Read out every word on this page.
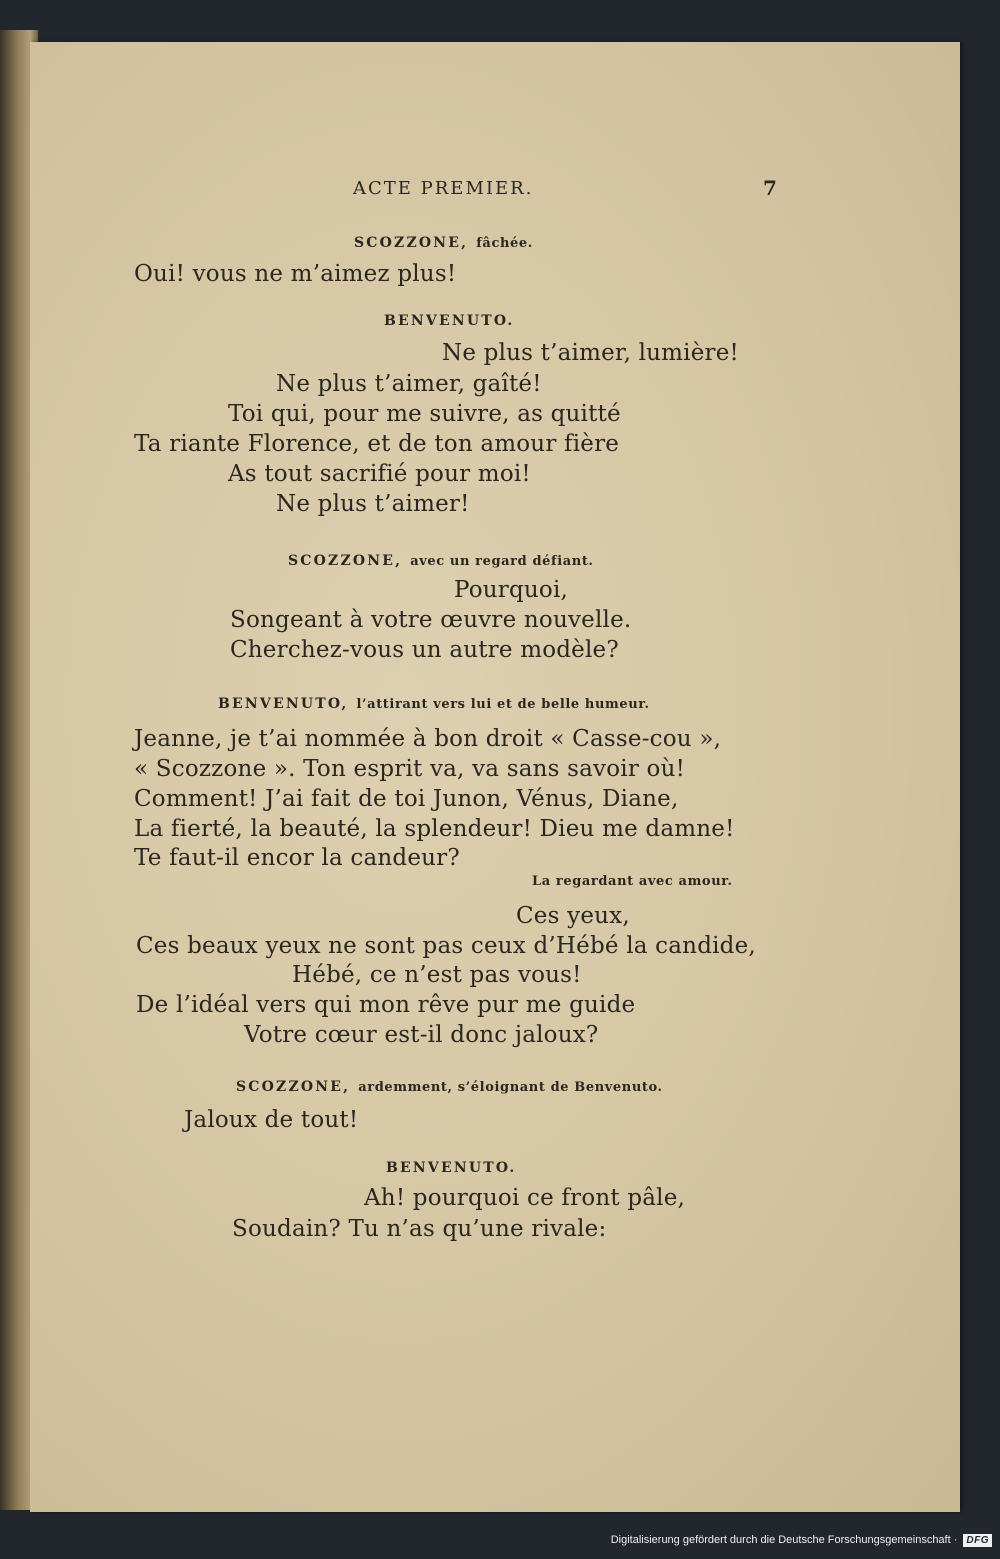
ACTE PREMIER.	7
SCOZZONE, fâchée.
Oui! vous ne m’aimez plus!
BENVENUTO.
Ne plus t’aimer, lumière!
Ne plus t’aimer, gaîté!
Toi qui, pour me suivre, as quitté
Ta riante Florence, et de ton amour fière
As tout sacrifié pour moi!
Ne plus t’aimer!
SCOZZONE, avec un regard défiant.
Pourquoi,
Songeant à votre œuvre nouvelle.
Cherchez-vous un autre modèle?
BENVENUTO, l’attirant vers lui et de belle humeur.
Jeanne, je t’ai nommée à bon droit « Casse-cou »,
« Scozzone ». Ton esprit va, va sans savoir où!
Comment! J’ai fait de toi Junon, Vénus, Diane,
La fierté, la beauté, la splendeur! Dieu me damne!
Te faut-il encor la candeur?
La regardant avec amour.
Ces yeux,
Ces beaux yeux ne sont pas ceux d’Hébé la candide,
Hébé, ce n’est pas vous!
De l’idéal vers qui mon rêve pur me guide
Votre cœur est-il donc jaloux?
SCOZZONE, ardemment, s’éloignant de Benvenuto.
Jaloux de tout!
BENVENUTO.
Ah! pourquoi ce front pâle,
Soudain? Tu n’as qu’une rivale:
Digitalisierung gefördert durch die Deutsche Forschungsgemeinschaft · DFG
